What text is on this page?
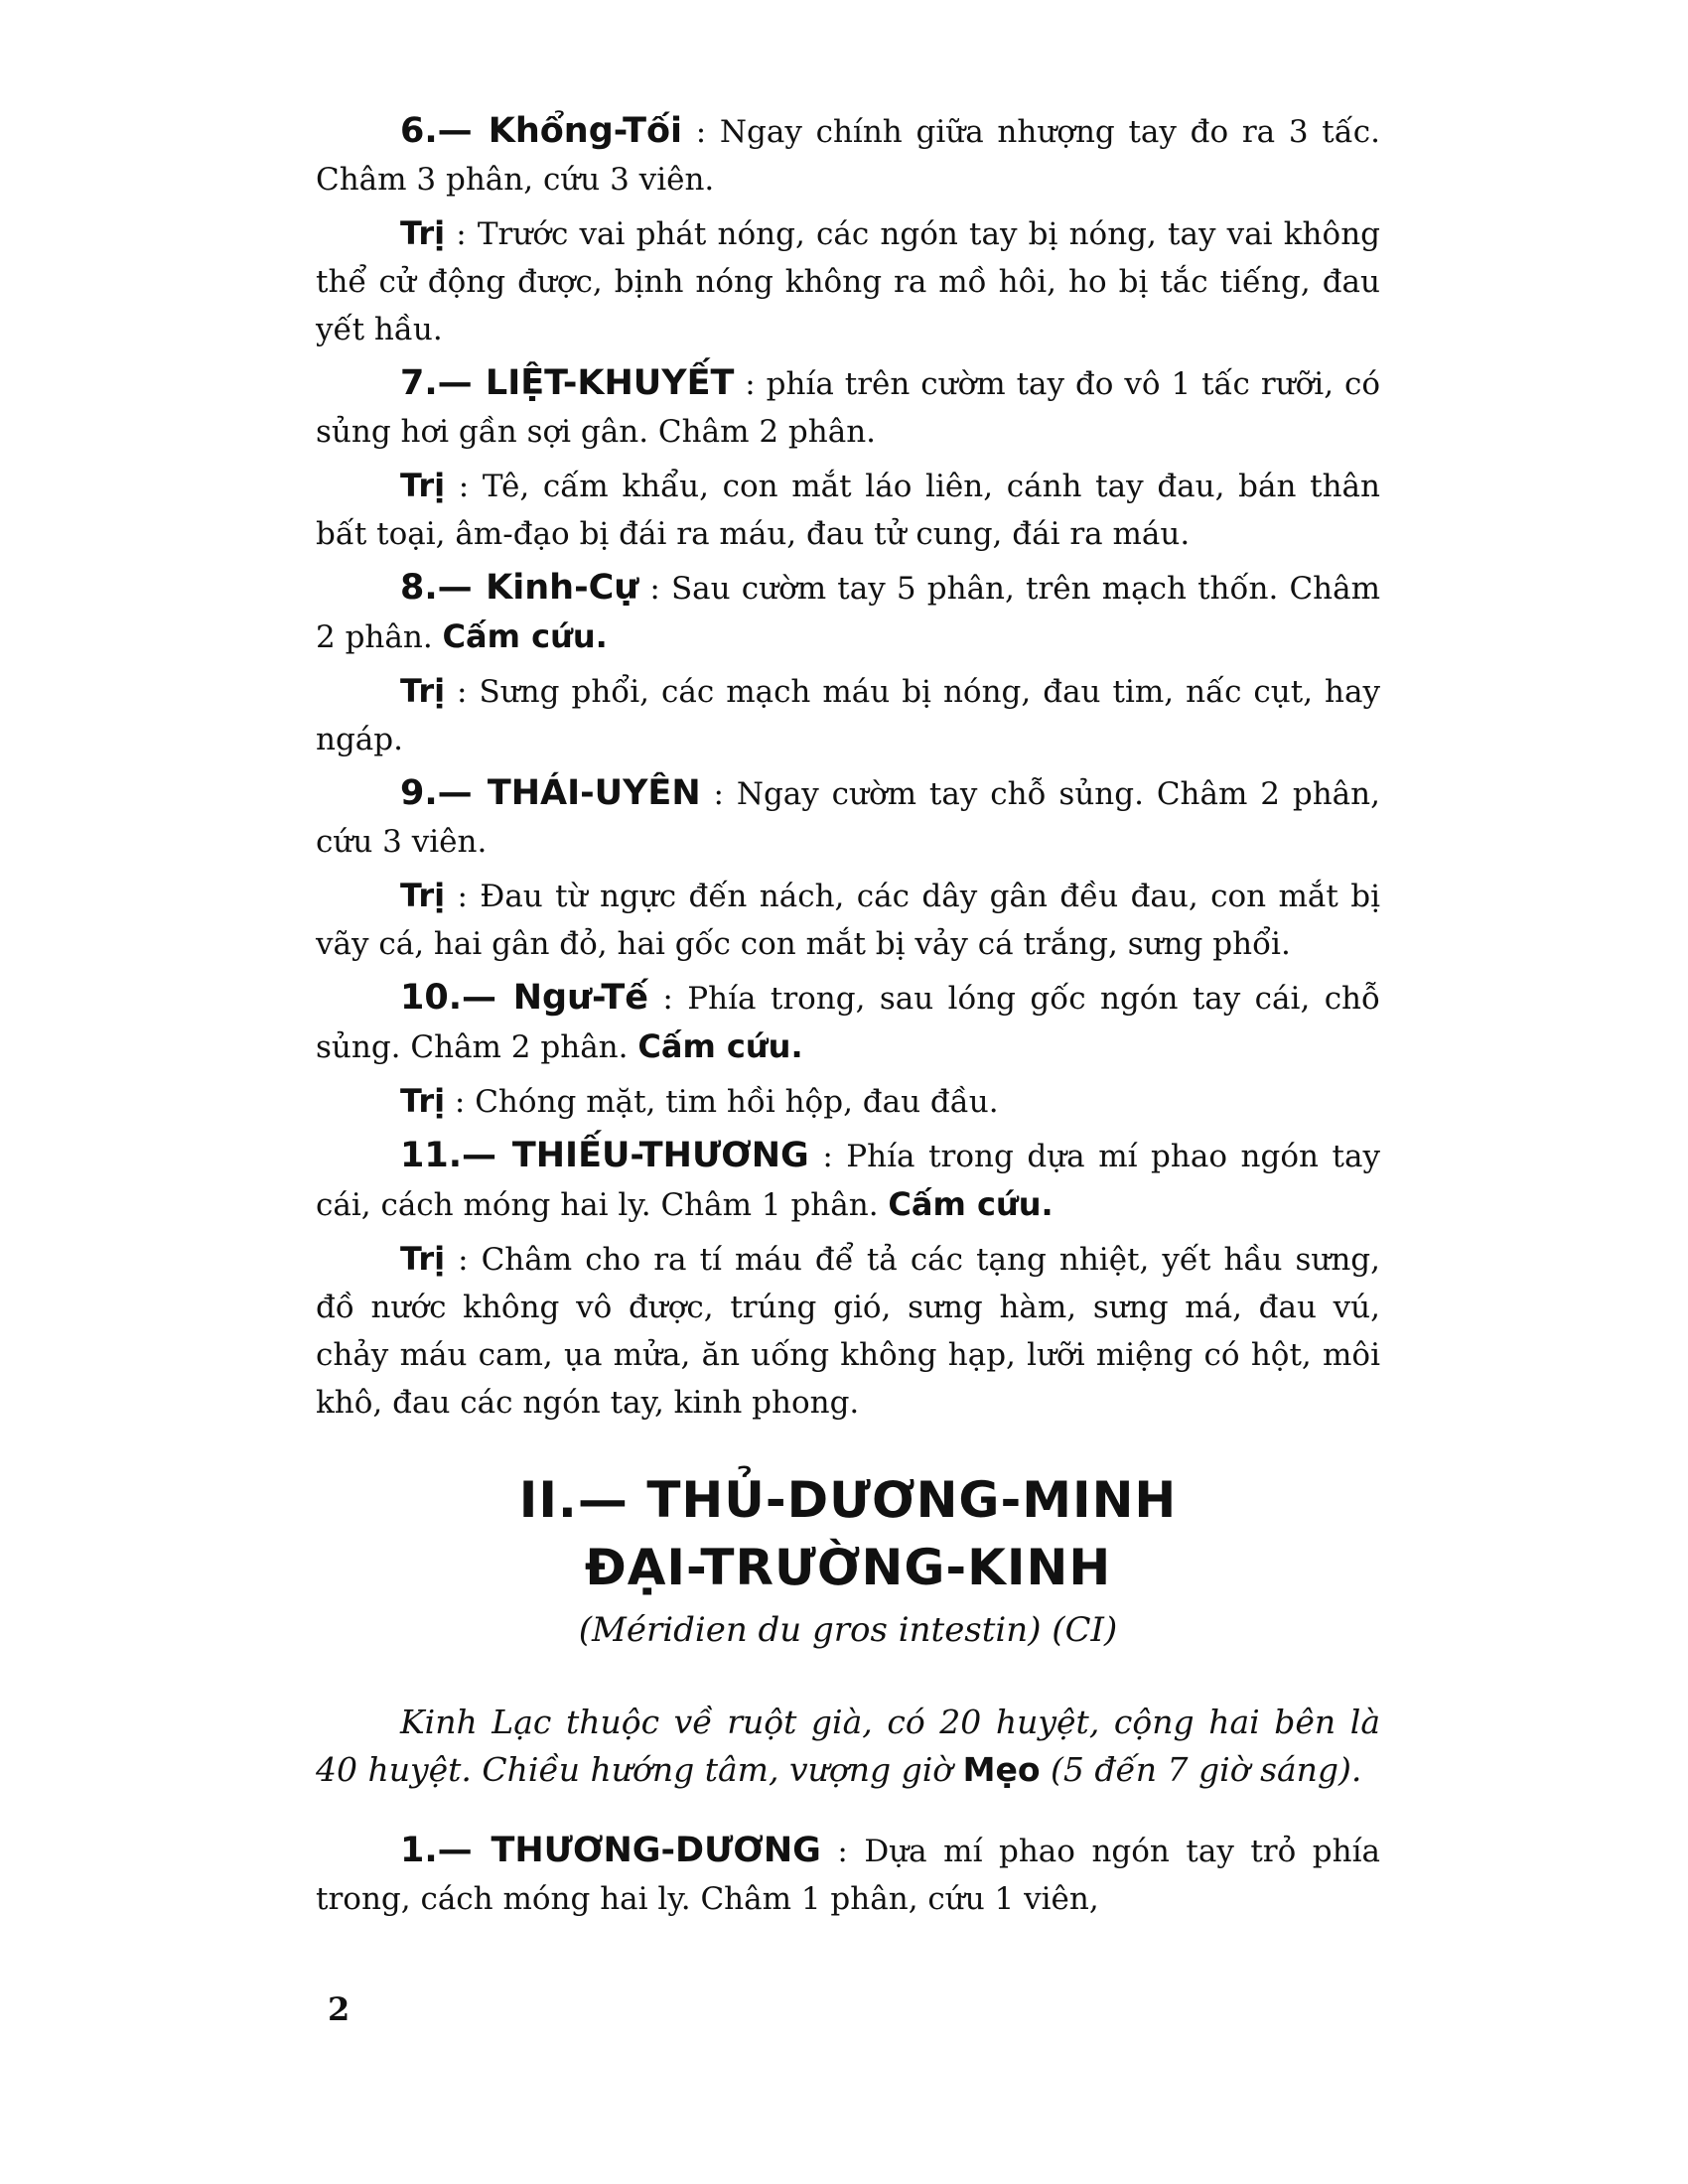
6.— Khổng-Tối : Ngay chính giữa nhượng tay đo ra 3 tấc. Châm 3 phân, cứu 3 viên.

Trị : Trước vai phát nóng, các ngón tay bị nóng, tay vai không thể cử động được, bịnh nóng không ra mồ hôi, ho bị tắc tiếng, đau yết hầu.

7.— LIỆT-KHUYẾT : phía trên cườm tay đo vô 1 tấc rưỡi, có sủng hơi gần sợi gân. Châm 2 phân.

Trị : Tê, cấm khẩu, con mắt láo liên, cánh tay đau, bán thân bất toại, âm-đạo bị đái ra máu, đau tử cung, đái ra máu.

8.— Kinh-Cự : Sau cườm tay 5 phân, trên mạch thốn. Châm 2 phân. Cấm cứu.

Trị : Sưng phổi, các mạch máu bị nóng, đau tim, nấc cụt, hay ngáp.

9.— THÁI-UYÊN : Ngay cườm tay chỗ sủng. Châm 2 phân, cứu 3 viên.

Trị : Đau từ ngực đến nách, các dây gân đều đau, con mắt bị vãy cá, hai gân đỏ, hai gốc con mắt bị vảy cá trắng, sưng phổi.

10.— Ngư-Tế : Phía trong, sau lóng gốc ngón tay cái, chỗ sủng. Châm 2 phân. Cấm cứu.

Trị : Chóng mặt, tim hồi hộp, đau đầu.

11.— THIẾU-THƯƠNG : Phía trong dựa mí phao ngón tay cái, cách móng hai ly. Châm 1 phân. Cấm cứu.

Trị : Châm cho ra tí máu để tả các tạng nhiệt, yết hầu sưng, đồ nước không vô được, trúng gió, sưng hàm, sưng má, đau vú, chảy máu cam, ụa mửa, ăn uống không hạp, lưỡi miệng có hột, môi khô, đau các ngón tay, kinh phong.

II.— THỦ-DƯƠNG-MINH
ĐẠI-TRƯỜNG-KINH
(Méridien du gros intestin) (CI)

Kinh Lạc thuộc về ruột già, có 20 huyệt, cộng hai bên là 40 huyệt. Chiều hướng tâm, vượng giờ Mẹo (5 đến 7 giờ sáng).

1.— THƯƠNG-DƯƠNG : Dựa mí phao ngón tay trỏ phía trong, cách móng hai ly. Châm 1 phân, cứu 1 viên,

2
